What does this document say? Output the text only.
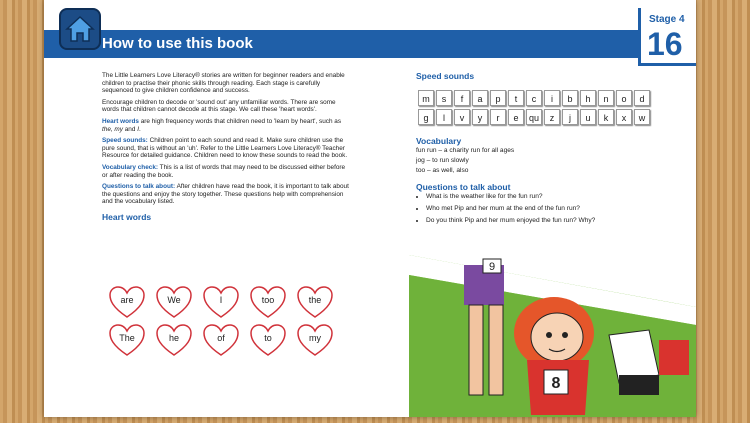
How to use this book
Stage 4
16

The Little Learners Love Literacy® stories are written for beginner readers and enable children to practise their phonic skills through reading. Each stage is carefully sequenced to give children confidence and success.

Encourage children to decode or 'sound out' any unfamiliar words. There are some words that children cannot decode at this stage. We call these 'heart words'.

Heart words are high frequency words that children need to 'learn by heart', such as the, my and I.

Speed sounds: Children point to each sound and read it. Make sure children use the pure sound, that is without an 'uh'. Refer to the Little Learners Love Literacy® Teacher Resource for detailed guidance. Children need to know these sounds to read the book.

Vocabulary check: This is a list of words that may need to be discussed either before or after reading the book.

Questions to talk about: After children have read the book, it is important to talk about the questions and enjoy the story together. These questions help with comprehension and the vocabulary listed.

Heart words
are	We	I	too	the
The	he	of	to	my
Speed sounds
m	s	f	a	p	t	c	i	b	h	n	o	d
g	l	v	y	r	e	qu	z	j	u	k	x	w
Vocabulary
fun run – a charity run for all ages
jog – to run slowly
too – as well, also
Questions to talk about
• What is the weather like for the fun run?
• Who met Pip and her mum at the end of the fun run?
• Do you think Pip and her mum enjoyed the fun run? Why?
9
8
